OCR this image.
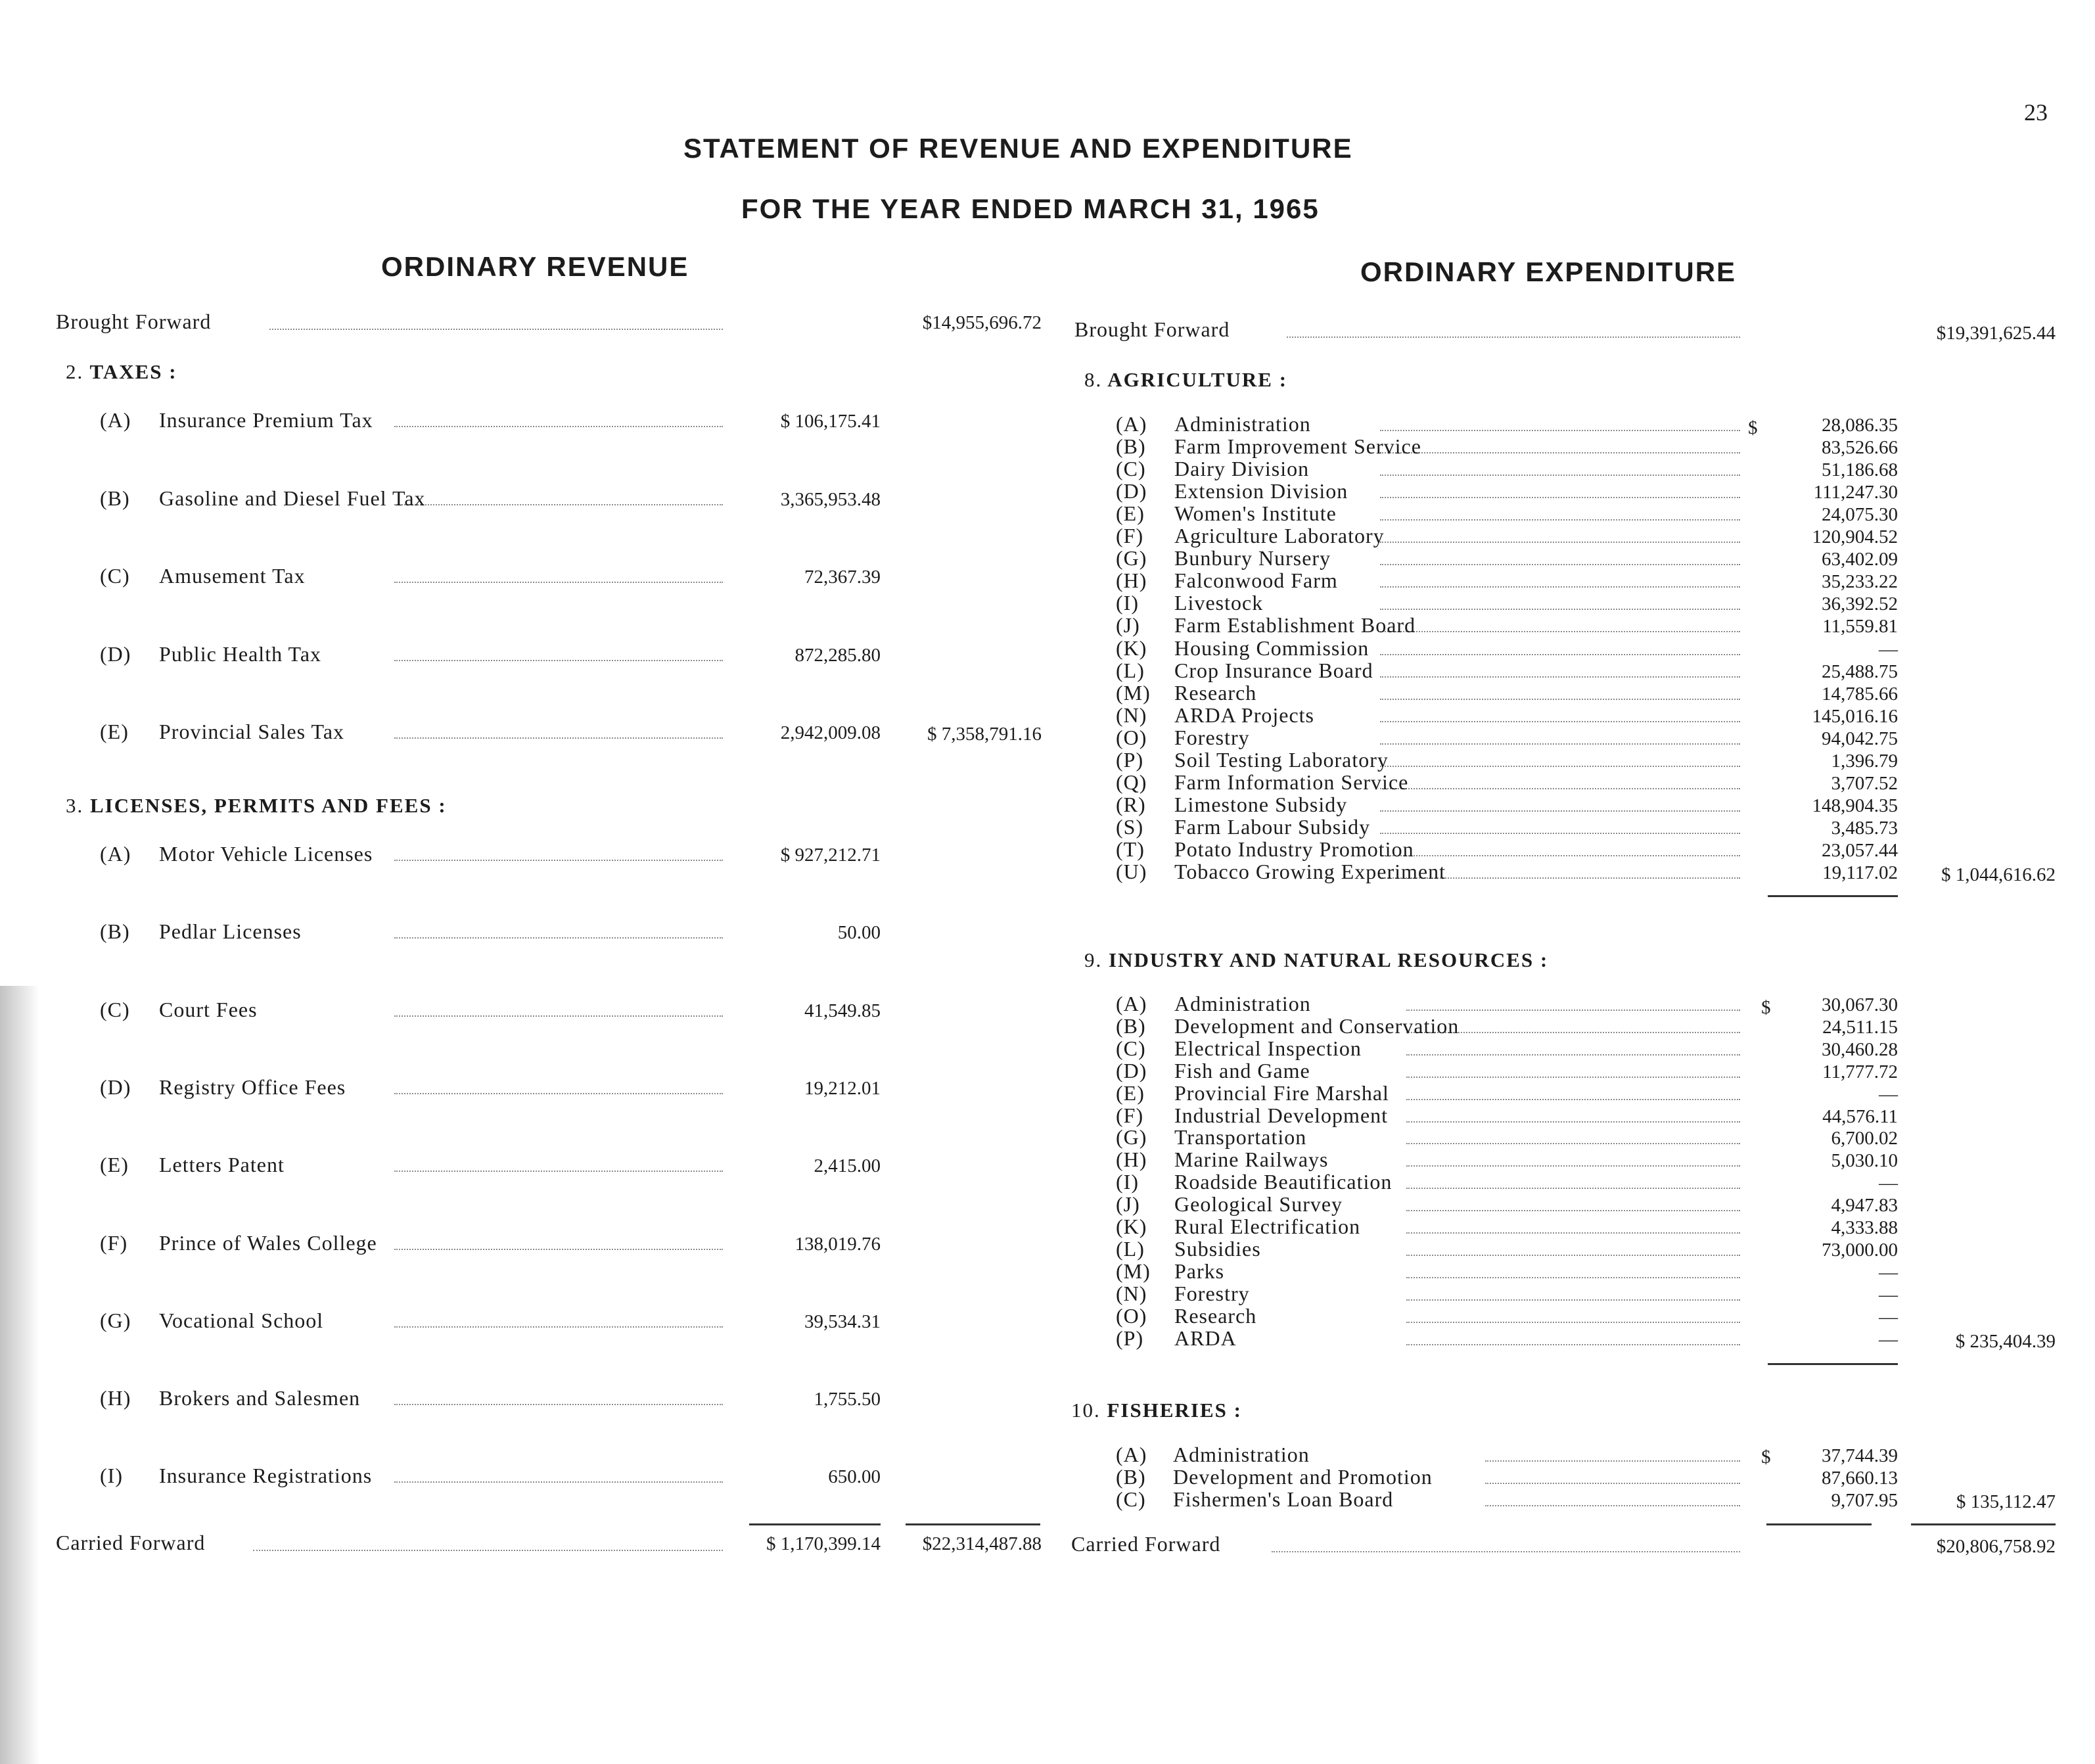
23
STATEMENT OF REVENUE AND EXPENDITURE
FOR THE YEAR ENDED MARCH 31, 1965
ORDINARY REVENUE	ORDINARY EXPENDITURE
Brought Forward	$14,955,696.72
2. TAXES :
(A) Insurance Premium Tax	$ 106,175.41
(B) Gasoline and Diesel Fuel Tax	3,365,953.48
(C) Amusement Tax	72,367.39
(D) Public Health Tax	872,285.80
(E) Provincial Sales Tax	2,942,009.08	$ 7,358,791.16
3. LICENSES, PERMITS AND FEES :
(A) Motor Vehicle Licenses	$ 927,212.71
(B) Pedlar Licenses	50.00
(C) Court Fees	41,549.85
(D) Registry Office Fees	19,212.01
(E) Letters Patent	2,415.00
(F) Prince of Wales College	138,019.76
(G) Vocational School	39,534.31
(H) Brokers and Salesmen	1,755.50
(I) Insurance Registrations	650.00
Carried Forward	$ 1,170,399.14	$22,314,487.88
Brought Forward	$19,391,625.44
8. AGRICULTURE :
$
(A) Administration	28,086.35
(B) Farm Improvement Service	83,526.66
(C) Dairy Division	51,186.68
(D) Extension Division	111,247.30
(E) Women's Institute	24,075.30
(F) Agriculture Laboratory	120,904.52
(G) Bunbury Nursery	63,402.09
(H) Falconwood Farm	35,233.22
(I) Livestock	36,392.52
(J) Farm Establishment Board	11,559.81
(K) Housing Commission	—
(L) Crop Insurance Board	25,488.75
(M) Research	14,785.66
(N) ARDA Projects	145,016.16
(O) Forestry	94,042.75
(P) Soil Testing Laboratory	1,396.79
(Q) Farm Information Service	3,707.52
(R) Limestone Subsidy	148,904.35
(S) Farm Labour Subsidy	3,485.73
(T) Potato Industry Promotion	23,057.44
(U) Tobacco Growing Experiment	19,117.02	$ 1,044,616.62
9. INDUSTRY AND NATURAL RESOURCES :
$
(A) Administration	30,067.30
(B) Development and Conservation	24,511.15
(C) Electrical Inspection	30,460.28
(D) Fish and Game	11,777.72
(E) Provincial Fire Marshal	—
(F) Industrial Development	44,576.11
(G) Transportation	6,700.02
(H) Marine Railways	5,030.10
(I) Roadside Beautification	—
(J) Geological Survey	4,947.83
(K) Rural Electrification	4,333.88
(L) Subsidies	73,000.00
(M) Parks	—
(N) Forestry	—
(O) Research	—
(P) ARDA	—	$ 235,404.39
10. FISHERIES :
$
(A) Administration	37,744.39
(B) Development and Promotion	87,660.13
(C) Fishermen's Loan Board	9,707.95	$ 135,112.47
Carried Forward	$20,806,758.92
